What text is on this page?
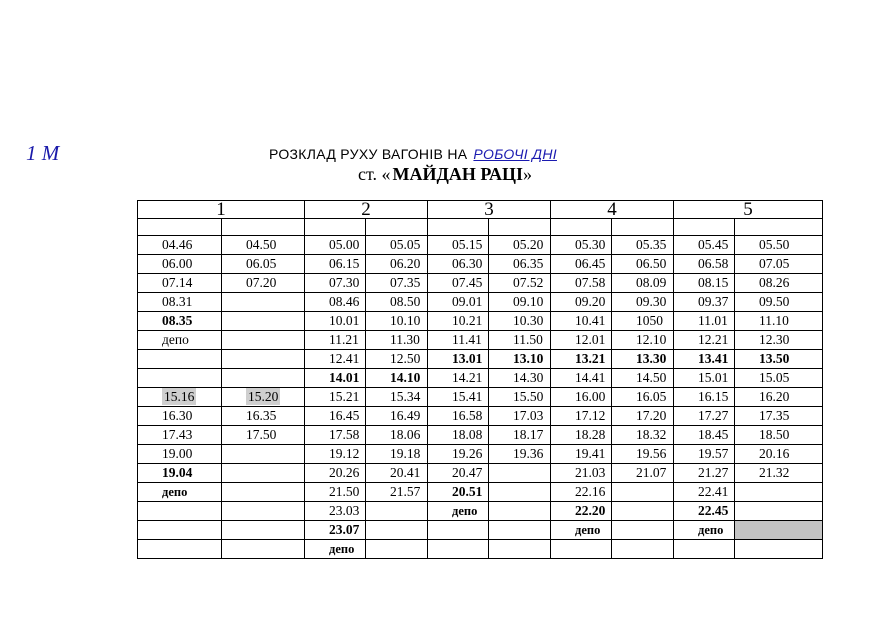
1 M	РОЗКЛАД РУХУ ВАГОНІВ НА РОБОЧІ ДНІ
ст. « МАЙДАН РАЦІ»
1		2		3		4		5	

04.46	04.50	05.00	05.05	05.15	05.20	05.30	05.35	05.45	05.50
06.00	06.05	06.15	06.20	06.30	06.35	06.45	06.50	06.58	07.05
07.14	07.20	07.30	07.35	07.45	07.52	07.58	08.09	08.15	08.26
08.31		08.46	08.50	09.01	09.10	09.20	09.30	09.37	09.50
08.35		10.01	10.10	10.21	10.30	10.41	1050	11.01	11.10
депо		11.21	11.30	11.41	11.50	12.01	12.10	12.21	12.30
		12.41	12.50	13.01	13.10	13.21	13.30	13.41	13.50
		14.01	14.10	14.21	14.30	14.41	14.50	15.01	15.05
15.16	15.20	15.21	15.34	15.41	15.50	16.00	16.05	16.15	16.20
16.30	16.35	16.45	16.49	16.58	17.03	17.12	17.20	17.27	17.35
17.43	17.50	17.58	18.06	18.08	18.17	18.28	18.32	18.45	18.50
19.00		19.12	19.18	19.26	19.36	19.41	19.56	19.57	20.16
19.04		20.26	20.41	20.47		21.03	21.07	21.27	21.32
депо		21.50	21.57	20.51		22.16		22.41	
		23.03		депо		22.20		22.45	
		23.07				депо		депо	
		депо							
